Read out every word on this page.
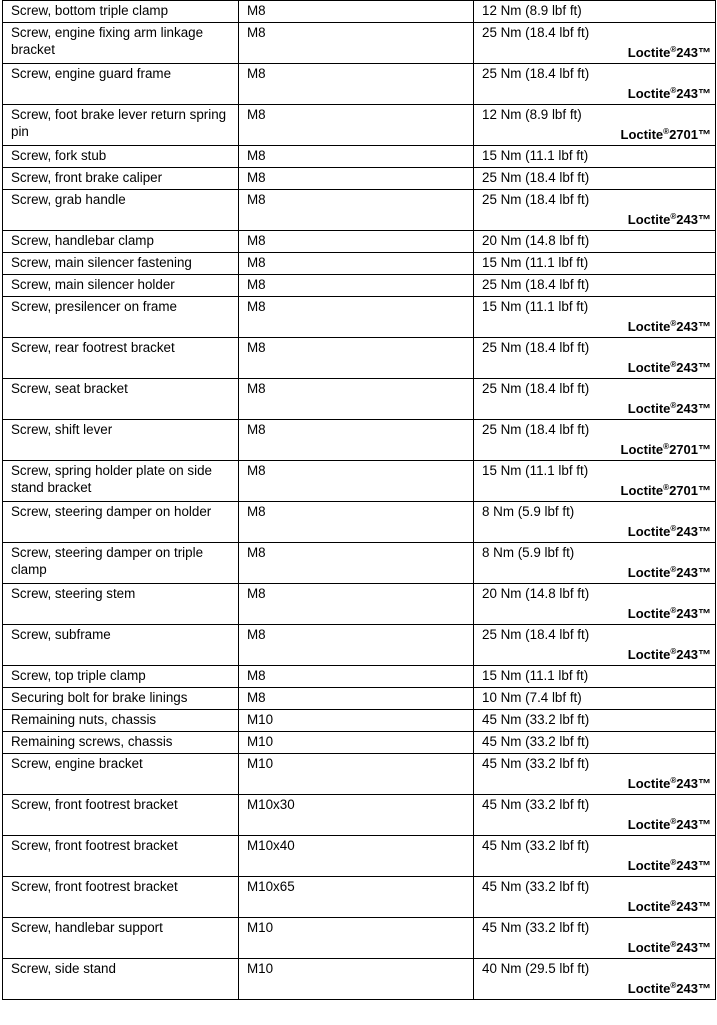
Screw, bottom triple clamp	M8	12 Nm (8.9 lbf ft)
Screw, engine fixing arm linkage bracket	M8	25 Nm (18.4 lbf ft)
Loctite®243™

Screw, engine guard frame	M8	25 Nm (18.4 lbf ft)
Loctite®243™

Screw, foot brake lever return spring pin	M8	12 Nm (8.9 lbf ft)
Loctite®2701™

Screw, fork stub	M8	15 Nm (11.1 lbf ft)
Screw, front brake caliper	M8	25 Nm (18.4 lbf ft)
Screw, grab handle	M8	25 Nm (18.4 lbf ft)
Loctite®243™

Screw, handlebar clamp	M8	20 Nm (14.8 lbf ft)
Screw, main silencer fastening	M8	15 Nm (11.1 lbf ft)
Screw, main silencer holder	M8	25 Nm (18.4 lbf ft)
Screw, presilencer on frame	M8	15 Nm (11.1 lbf ft)
Loctite®243™

Screw, rear footrest bracket	M8	25 Nm (18.4 lbf ft)
Loctite®243™

Screw, seat bracket	M8	25 Nm (18.4 lbf ft)
Loctite®243™

Screw, shift lever	M8	25 Nm (18.4 lbf ft)
Loctite®2701™

Screw, spring holder plate on side stand bracket	M8	15 Nm (11.1 lbf ft)
Loctite®2701™

Screw, steering damper on holder	M8	8 Nm (5.9 lbf ft)
Loctite®243™

Screw, steering damper on triple clamp	M8	8 Nm (5.9 lbf ft)
Loctite®243™

Screw, steering stem	M8	20 Nm (14.8 lbf ft)
Loctite®243™

Screw, subframe	M8	25 Nm (18.4 lbf ft)
Loctite®243™

Screw, top triple clamp	M8	15 Nm (11.1 lbf ft)
Securing bolt for brake linings	M8	10 Nm (7.4 lbf ft)
Remaining nuts, chassis	M10	45 Nm (33.2 lbf ft)
Remaining screws, chassis	M10	45 Nm (33.2 lbf ft)
Screw, engine bracket	M10	45 Nm (33.2 lbf ft)
Loctite®243™

Screw, front footrest bracket	M10x30	45 Nm (33.2 lbf ft)
Loctite®243™

Screw, front footrest bracket	M10x40	45 Nm (33.2 lbf ft)
Loctite®243™

Screw, front footrest bracket	M10x65	45 Nm (33.2 lbf ft)
Loctite®243™

Screw, handlebar support	M10	45 Nm (33.2 lbf ft)
Loctite®243™

Screw, side stand	M10	40 Nm (29.5 lbf ft)
Loctite®243™
